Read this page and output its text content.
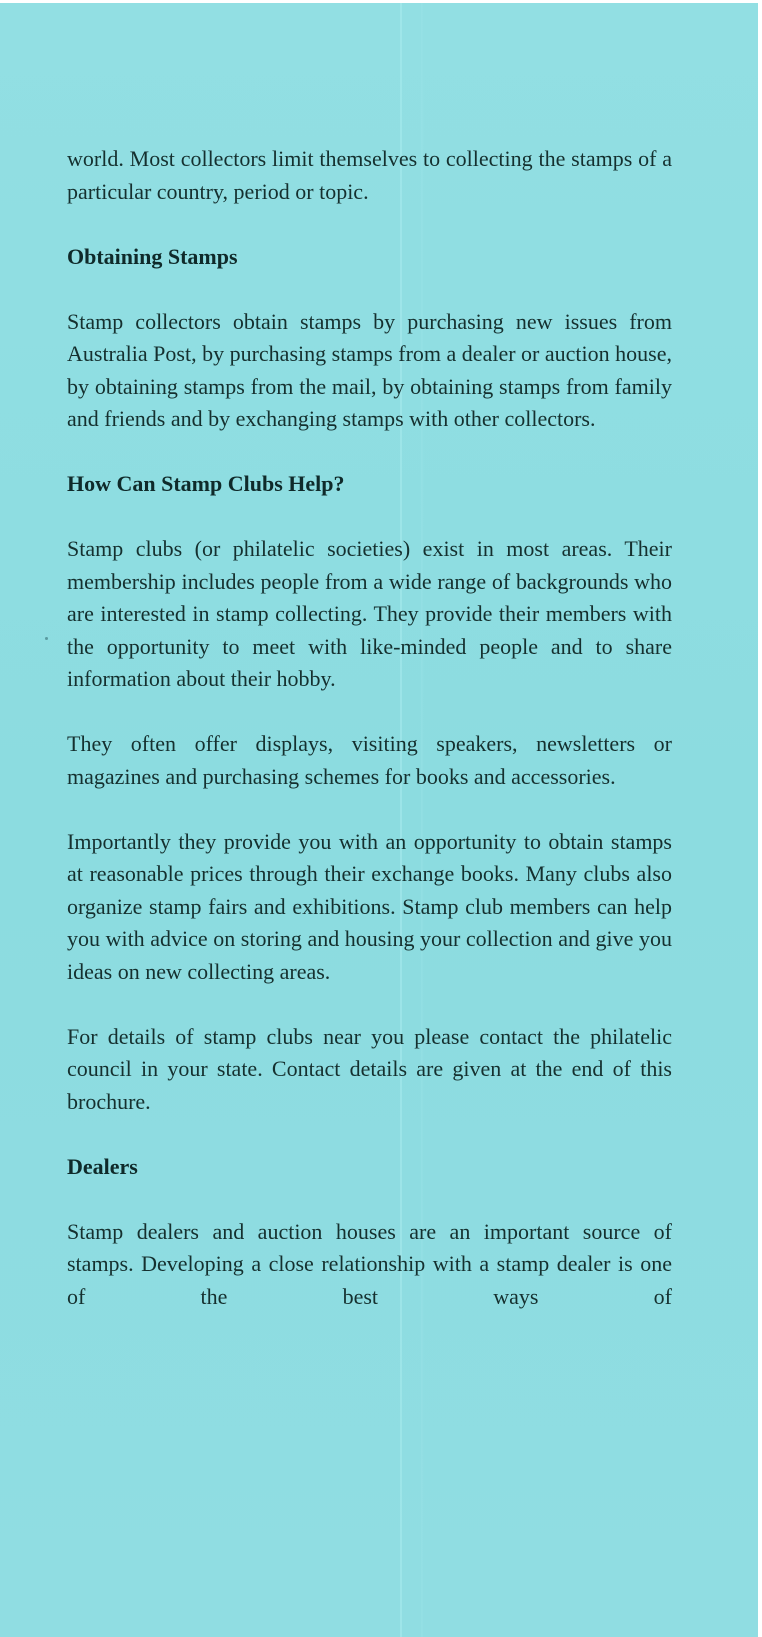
world. Most collectors limit themselves to collecting the stamps of a particular country, period or topic.

Obtaining Stamps

Stamp collectors obtain stamps by purchasing new issues from Australia Post, by purchasing stamps from a dealer or auction house, by obtaining stamps from the mail, by obtaining stamps from family and friends and by exchanging stamps with other collectors.

How Can Stamp Clubs Help?

Stamp clubs (or philatelic societies) exist in most areas. Their membership includes people from a wide range of backgrounds who are interested in stamp collecting. They provide their members with the opportunity to meet with like-minded people and to share information about their hobby.

They often offer displays, visiting speakers, newsletters or magazines and purchasing schemes for books and accessories.

Importantly they provide you with an opportunity to obtain stamps at reasonable prices through their exchange books. Many clubs also organize stamp fairs and exhibitions. Stamp club members can help you with advice on storing and housing your collection and give you ideas on new collecting areas.

For details of stamp clubs near you please contact the philatelic council in your state. Contact details are given at the end of this brochure.

Dealers

Stamp dealers and auction houses are an important source of stamps. Developing a close relationship with a stamp dealer is one of the best ways of
